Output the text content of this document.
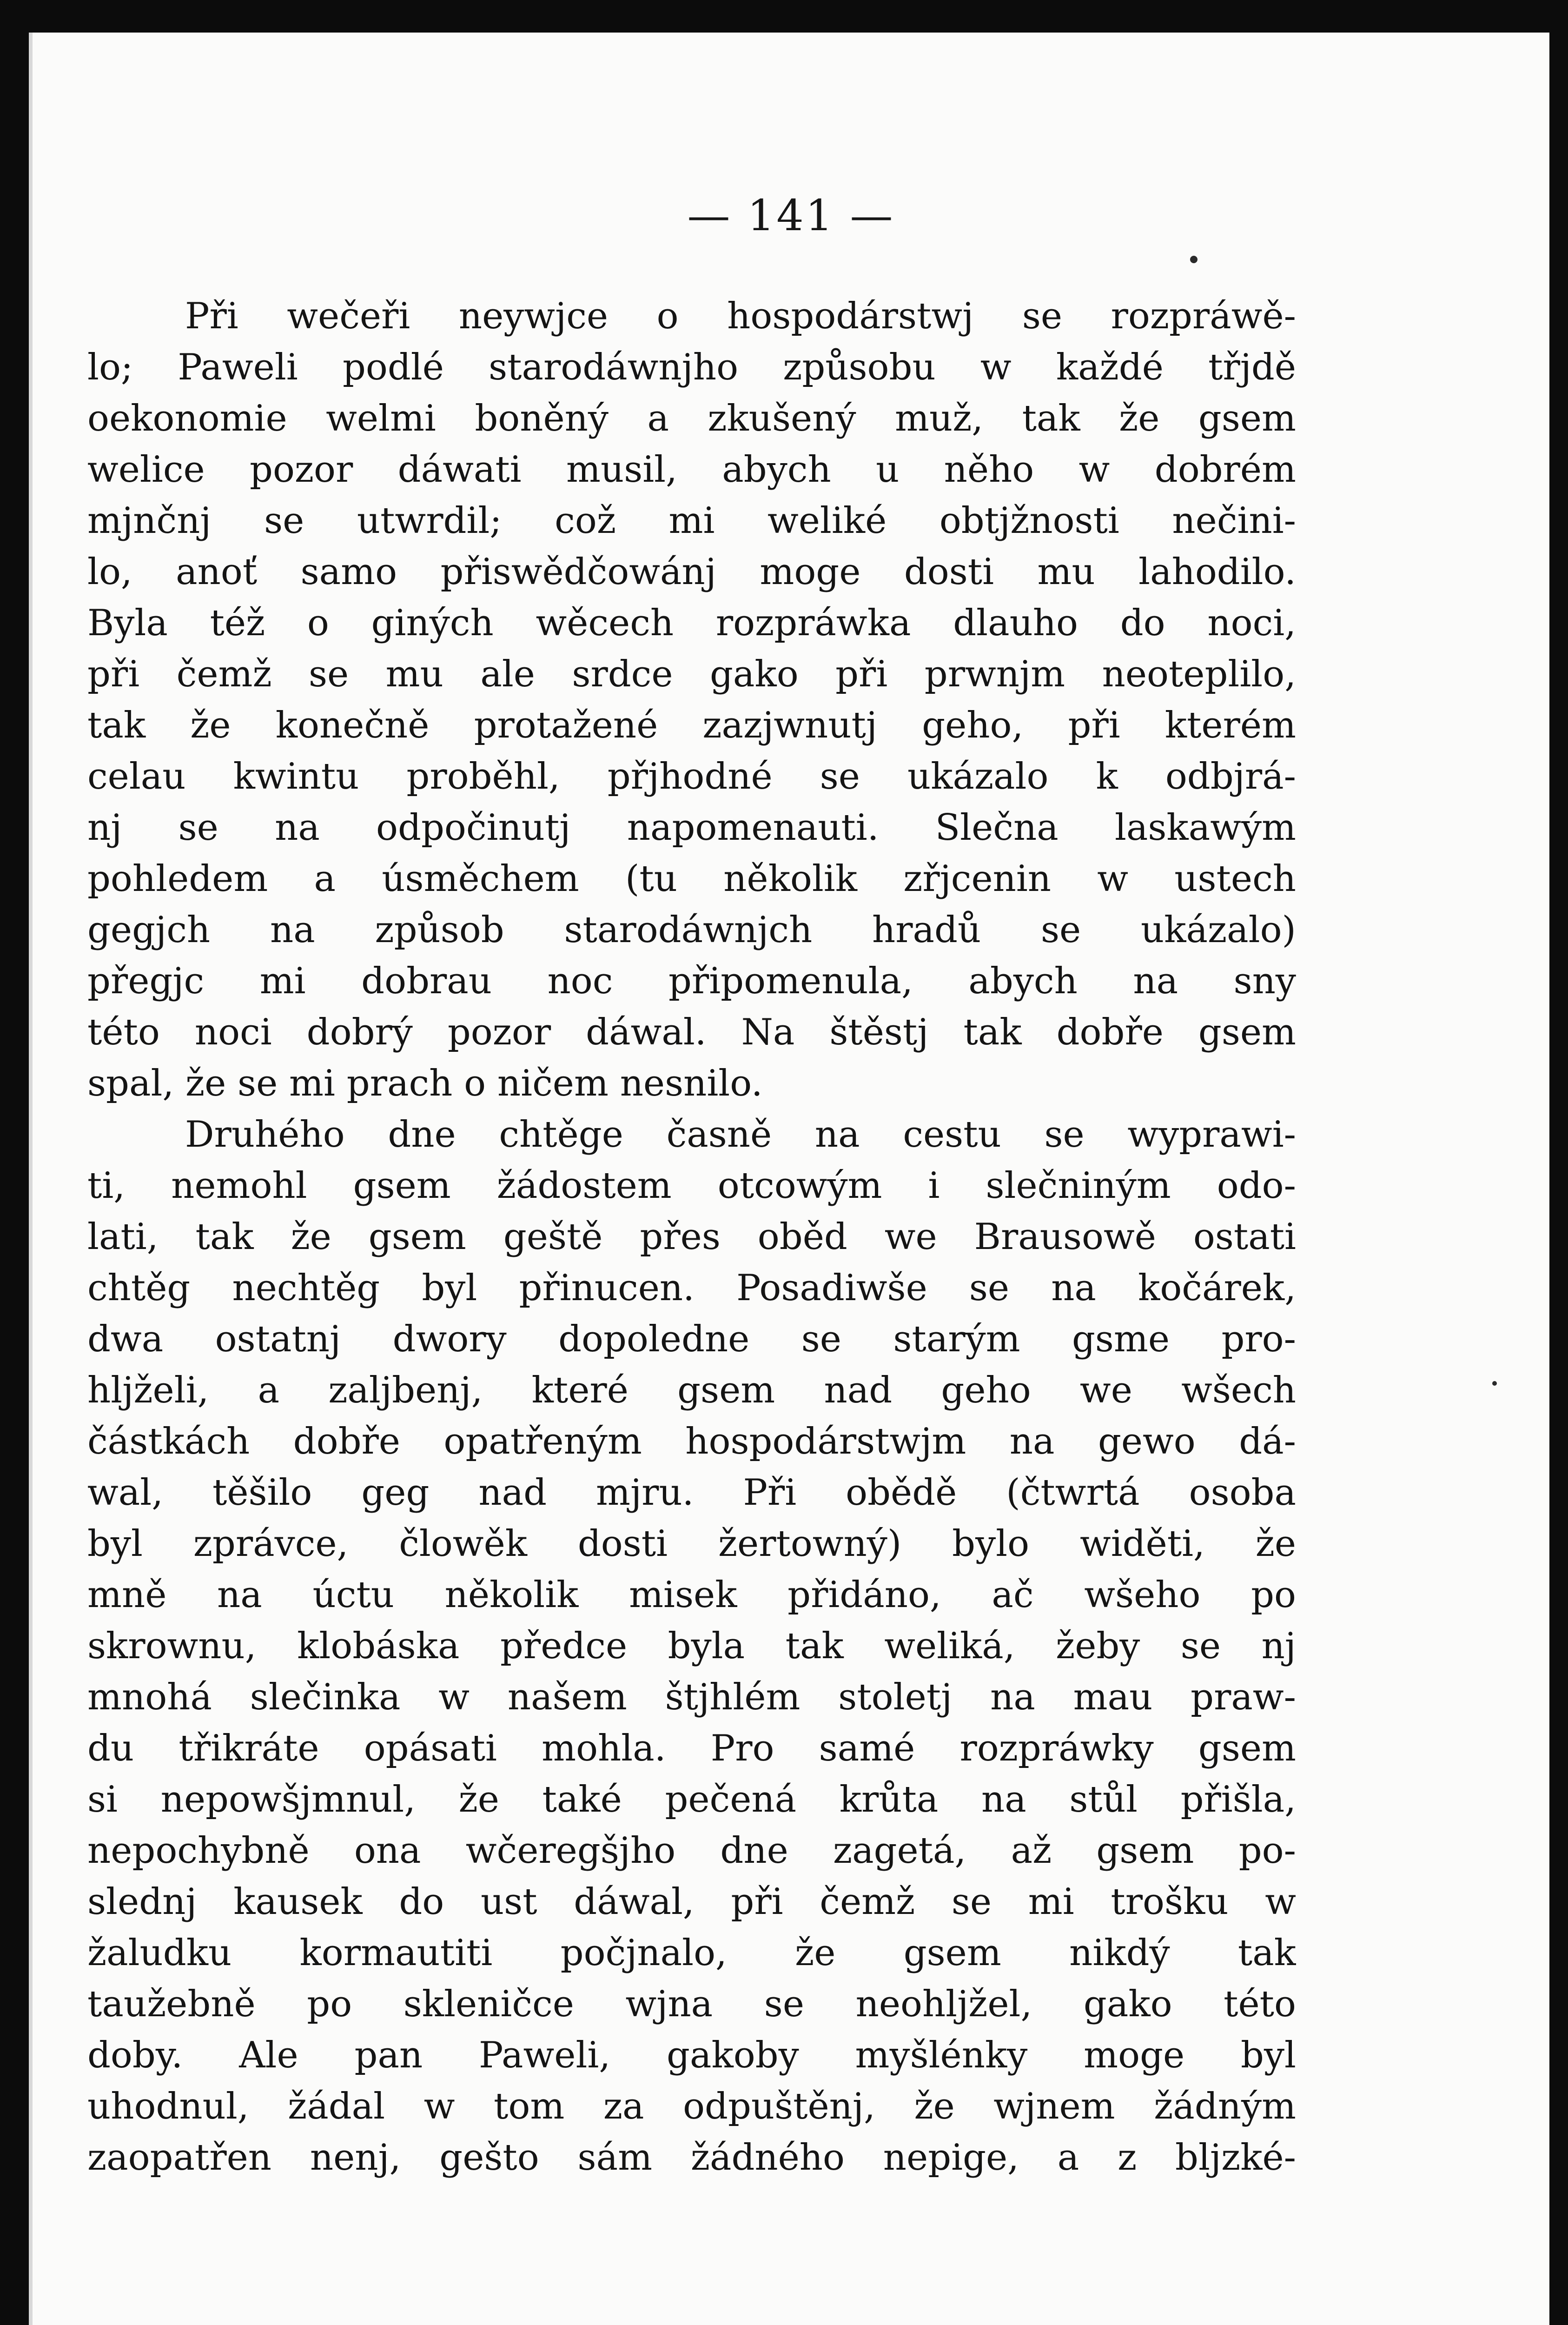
— 141 —
Při wečeři neywjce o hospodárstwj se rozpráwě-
lo; Paweli podlé starodáwnjho způsobu w každé třjdě
oekonomie welmi boněný a zkušený muž, tak že gsem
welice pozor dáwati musil, abych u něho w dobrém
mjnčnj se utwrdil; což mi weliké obtjžnosti nečini-
lo, anoť samo přiswědčowánj moge dosti mu lahodilo.
Byla též o giných wěcech rozpráwka dlauho do noci,
při čemž se mu ale srdce gako při prwnjm neoteplilo,
tak že konečně protažené zazjwnutj geho, při kterém
celau kwintu proběhl, přjhodné se ukázalo k odbjrá-
nj se na odpočinutj napomenauti. Slečna laskawým
pohledem a úsměchem (tu několik zřjcenin w ustech
gegjch na způsob starodáwnjch hradů se ukázalo)
přegjc mi dobrau noc připomenula, abych na sny
této noci dobrý pozor dáwal. Na štěstj tak dobře gsem
spal, že se mi prach o ničem nesnilo.
Druhého dne chtěge časně na cestu se wyprawi-
ti, nemohl gsem žádostem otcowým i slečniným odo-
lati, tak že gsem geště přes oběd we Brausowě ostati
chtěg nechtěg byl přinucen. Posadiwše se na kočárek,
dwa ostatnj dwory dopoledne se starým gsme pro-
hljželi, a zaljbenj, které gsem nad geho we wšech
částkách dobře opatřeným hospodárstwjm na gewo dá-
wal, těšilo geg nad mjru. Při obědě (čtwrtá osoba
byl zprávce, člowěk dosti žertowný) bylo widěti, že
mně na úctu několik misek přidáno, ač wšeho po
skrownu, klobáska předce byla tak weliká, žeby se nj
mnohá slečinka w našem štjhlém stoletj na mau praw-
du třikráte opásati mohla. Pro samé rozpráwky gsem
si nepowšjmnul, že také pečená krůta na stůl přišla,
nepochybně ona wčeregšjho dne zagetá, až gsem po-
slednj kausek do ust dáwal, při čemž se mi trošku w
žaludku kormautiti počjnalo, že gsem nikdý tak
taužebně po skleničce wjna se neohljžel, gako této
doby. Ale pan Paweli, gakoby myšlénky moge byl
uhodnul, žádal w tom za odpuštěnj, že wjnem žádným
zaopatřen nenj, gešto sám žádného nepige, a z bljzké-
